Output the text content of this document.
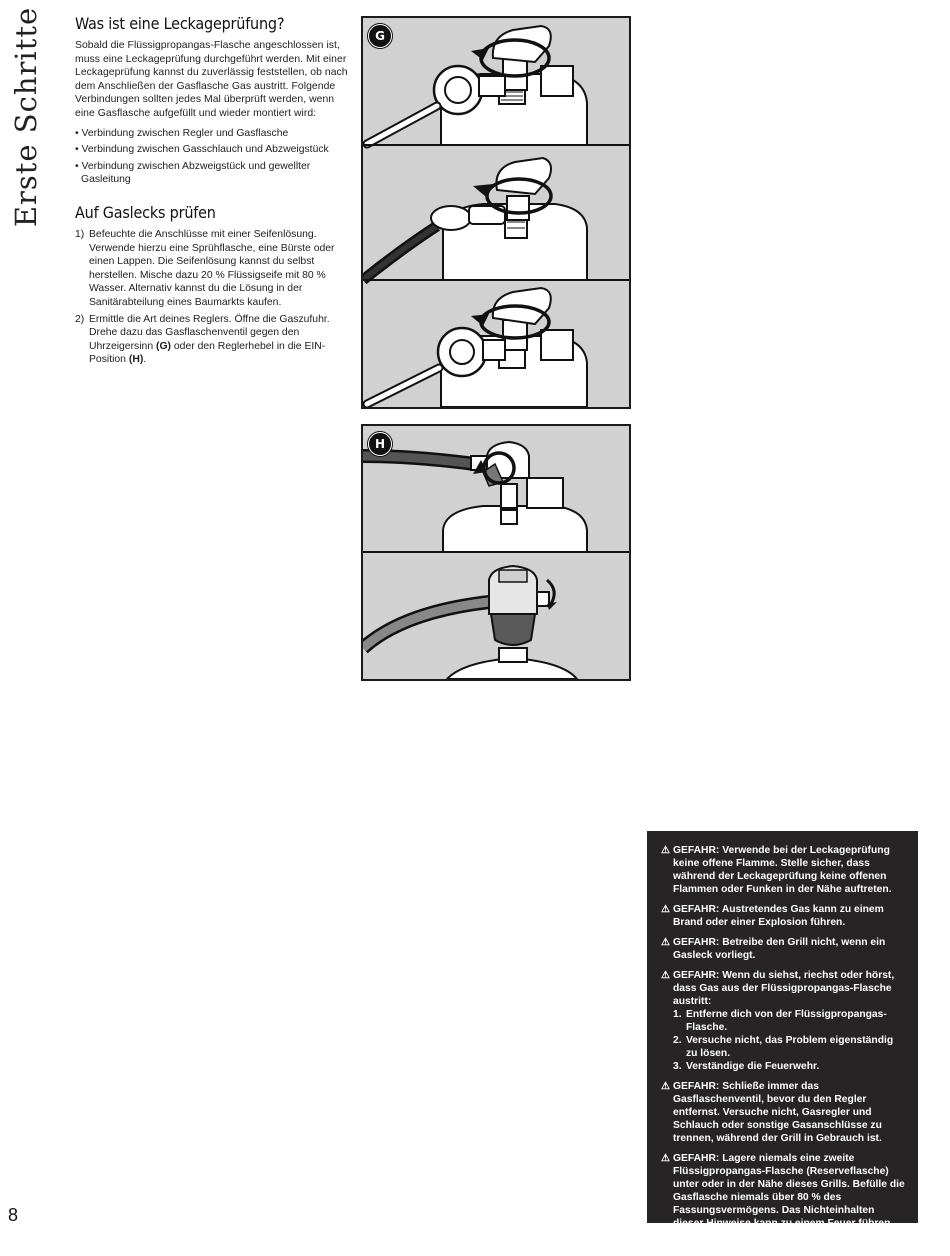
Erste Schritte Was ist eine Leckageprüfung?

Sobald die Flüssigpropangas-Flasche angeschlossen ist, muss eine Leckageprüfung durchgeführt werden. Mit einer Leckageprüfung kannst du zuverlässig feststellen, ob nach dem Anschließen der Gasflasche Gas austritt. Folgende Verbindungen sollten jedes Mal überprüft werden, wenn eine Gasflasche aufgefüllt und wieder montiert wird:

• Verbindung zwischen Regler und Gasflasche
• Verbindung zwischen Gasschlauch und Abzweigstück
• Verbindung zwischen Abzweigstück und gewellter Gasleitung
Auf Gaslecks prüfen
1) Befeuchte die Anschlüsse mit einer Seifenlösung. Verwende hierzu eine Sprühflasche, eine Bürste oder einen Lappen. Die Seifenlösung kannst du selbst herstellen. Mische dazu 20 % Flüssigseife mit 80 % Wasser. Alternativ kannst du die Lösung in der Sanitärabteilung eines Baumarkts kaufen.
2) Ermittle die Art deines Reglers. Öffne die Gaszufuhr. Drehe dazu das Gasflaschenventil gegen den Uhrzeigersinn (G) oder den Reglerhebel in die EIN-Position (H).
G
H
⚠ GEFAHR: Verwende bei der Leckageprüfung keine offene Flamme. Stelle sicher, dass während der Leckageprüfung keine offenen Flammen oder Funken in der Nähe auftreten.
⚠ GEFAHR: Austretendes Gas kann zu einem Brand oder einer Explosion führen.
⚠ GEFAHR: Betreibe den Grill nicht, wenn ein Gasleck vorliegt.
⚠ GEFAHR: Wenn du siehst, riechst oder hörst, dass Gas aus der Flüssigpropangas-Flasche austritt:
1. Entferne dich von der Flüssigpropangas-Flasche.
2. Versuche nicht, das Problem eigenständig zu lösen.
3. Verständige die Feuerwehr.
⚠ GEFAHR: Schließe immer das Gasflaschenventil, bevor du den Regler entfernst. Versuche nicht, Gasregler und Schlauch oder sonstige Gasanschlüsse zu trennen, während der Grill in Gebrauch ist.
⚠ GEFAHR: Lagere niemals eine zweite Flüssigpropangas-Flasche (Reserveflasche) unter oder in der Nähe dieses Grills. Befülle die Gasflasche niemals über 80 % des Fassungsvermögens. Das Nichteinhalten dieser Hinweise kann zu einem Feuer führen und schwere oder tödliche Verletzungen verursachen.
8
